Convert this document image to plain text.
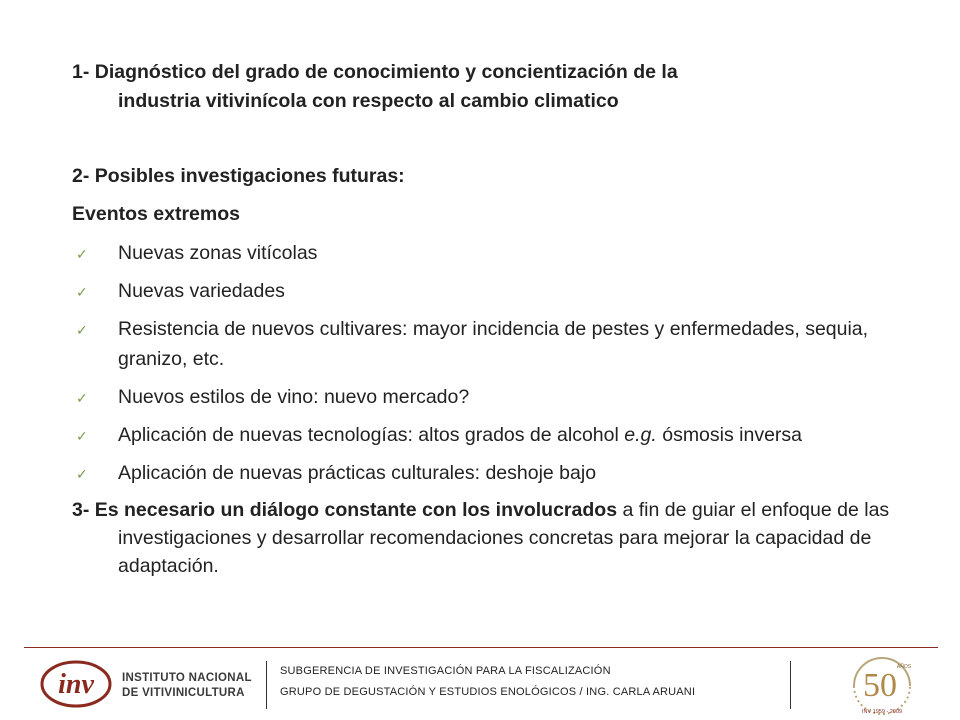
1- Diagnóstico del grado de conocimiento y concientización de la
industria vitivinícola con respecto al cambio climatico
2- Posibles investigaciones futuras:
Eventos extremos
✓ Nuevas zonas vitícolas
✓ Nuevas variedades
✓ Resistencia de nuevos cultivares: mayor incidencia de pestes y enfermedades, sequia, granizo, etc.
✓ Nuevos estilos de vino: nuevo mercado?
✓ Aplicación de nuevas tecnologías: altos grados de alcohol e.g. ósmosis inversa
✓ Aplicación de nuevas prácticas culturales: deshoje bajo
3- Es necesario un diálogo constante con los involucrados a fin de guiar el enfoque de las investigaciones y desarrollar recomendaciones concretas para mejorar la capacidad de adaptación.
inv INSTITUTO NACIONAL
DE VITIVINICULTURA
SUBGERENCIA DE INVESTIGACIÓN PARA LA FISCALIZACIÓN
GRUPO DE DEGUSTACIÓN Y ESTUDIOS ENOLÓGICOS / ING. CARLA ARUANI	50 AÑOS
INV 1959 - 2009
